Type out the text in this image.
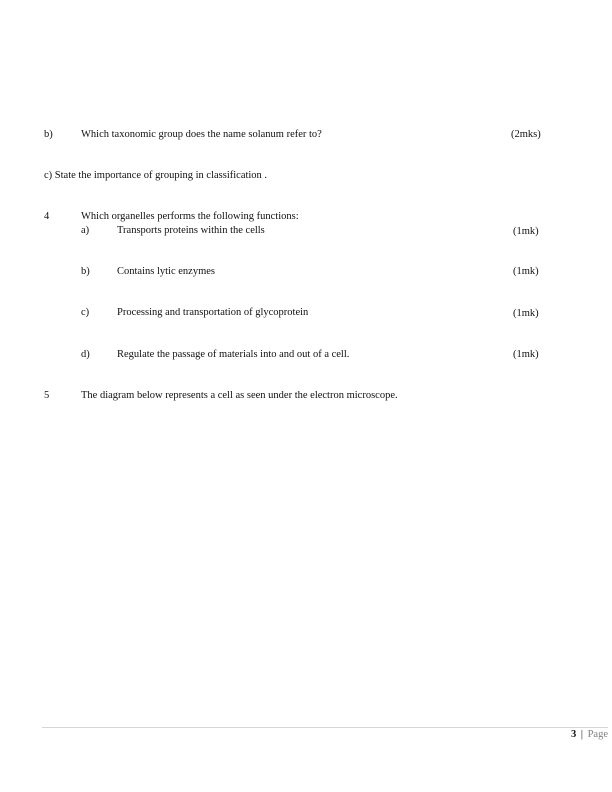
b)	Which taxonomic group does the name solanum refer to?	(2mks)
c) State the importance of grouping in classification .
4	Which organelles performs the following functions:
a)	Transports proteins within the cells	(1mk)
b)	Contains lytic enzymes	(1mk)
c)	Processing and transportation of glycoprotein	(1mk)
d)	Regulate the passage of materials into and out of a cell.	(1mk)
5	The diagram below represents a cell as seen under the electron microscope.
3 | Page
